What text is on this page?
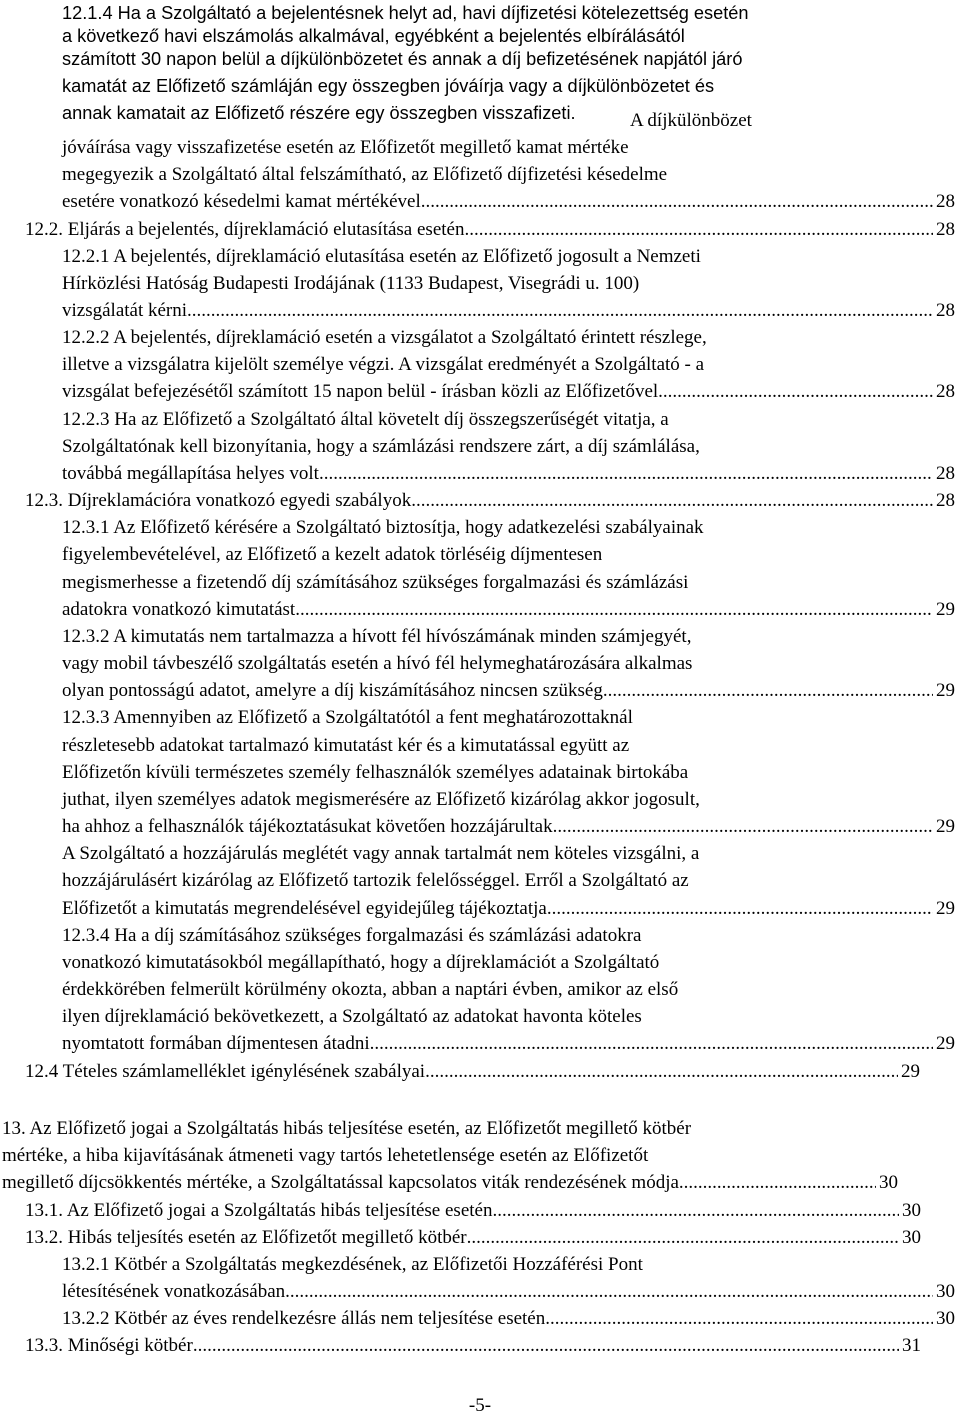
12.1.4 Ha a Szolgáltató a bejelentésnek helyt ad, havi díjfizetési kötelezettség esetén
a következő havi elszámolás alkalmával, egyébként a bejelentés elbírálásától
számított 30 napon belül a díjkülönbözetet és annak a díj befizetésének napjától járó
kamatát az Előfizető számláján egy összegben jóváírja vagy a díjkülönbözetet és
annak kamatait az Előfizető részére egy összegben visszafizeti.	A díjkülönbözet
jóváírása vagy visszafizetése esetén az Előfizetőt megillető kamat mértéke
megegyezik a Szolgáltató által felszámítható, az Előfizető díjfizetési késedelme
esetére vonatkozó késedelmi kamat mértékével. .....	28
12.2. Eljárás a bejelentés, díjreklamáció elutasítása esetén .....	28
12.2.1 A bejelentés, díjreklamáció elutasítása esetén az Előfizető jogosult a Nemzeti
Hírközlési Hatóság Budapesti Irodájának (1133 Budapest, Visegrádi u. 100)
vizsgálatát kérni. .....	28
12.2.2 A bejelentés, díjreklamáció esetén a vizsgálatot a Szolgáltató érintett részlege,
illetve a vizsgálatra kijelölt személye végzi. A vizsgálat eredményét a Szolgáltató - a
vizsgálat befejezésétől számított 15 napon belül - írásban közli az Előfizetővel. .....	28
12.2.3 Ha az Előfizető a Szolgáltató által követelt díj összegszerűségét vitatja, a
Szolgáltatónak kell bizonyítania, hogy a számlázási rendszere zárt, a díj számlálása,
továbbá megállapítása helyes volt. .....	28
12.3. Díjreklamációra vonatkozó egyedi szabályok .....	28
12.3.1 Az Előfizető kérésére a Szolgáltató biztosítja, hogy adatkezelési szabályainak
figyelembevételével, az Előfizető a kezelt adatok törléséig díjmentesen
megismerhesse a fizetendő díj számításához szükséges forgalmazási és számlázási
adatokra vonatkozó kimutatást. .....	29
12.3.2 A kimutatás nem tartalmazza a hívott fél hívószámának minden számjegyét,
vagy mobil távbeszélő szolgáltatás esetén a hívó fél helymeghatározására alkalmas
olyan pontosságú adatot, amelyre a díj kiszámításához nincsen szükség. .....	29
12.3.3 Amennyiben az Előfizető a Szolgáltatótól a fent meghatározottaknál
részletesebb adatokat tartalmazó kimutatást kér és a kimutatással együtt az
Előfizetőn kívüli természetes személy felhasználók személyes adatainak birtokába
juthat, ilyen személyes adatok megismerésére az Előfizető kizárólag akkor jogosult,
ha ahhoz a felhasználók tájékoztatásukat követően hozzájárultak. .....	29
A Szolgáltató a hozzájárulás meglétét vagy annak tartalmát nem köteles vizsgálni, a
hozzájárulásért kizárólag az Előfizető tartozik felelősséggel. Erről a Szolgáltató az
Előfizetőt a kimutatás megrendelésével egyidejűleg tájékoztatja. .....	29
12.3.4 Ha a díj számításához szükséges forgalmazási és számlázási adatokra
vonatkozó kimutatásokból megállapítható, hogy a díjreklamációt a Szolgáltató
érdekkörében felmerült körülmény okozta, abban a naptári évben, amikor az első
ilyen díjreklamáció bekövetkezett, a Szolgáltató az adatokat havonta köteles
nyomtatott formában díjmentesen átadni. .....	29
12.4 Tételes számlamelléklet igénylésének szabályai .....	29
13. Az Előfizető jogai a Szolgáltatás hibás teljesítése esetén, az Előfizetőt megillető kötbér
mértéke, a hiba kijavításának átmeneti vagy tartós lehetetlensége esetén az Előfizetőt
megillető díjcsökkentés mértéke, a Szolgáltatással kapcsolatos viták rendezésének módja .....	30
13.1. Az Előfizető jogai a Szolgáltatás hibás teljesítése esetén .....	30
13.2. Hibás teljesítés esetén az Előfizetőt megillető kötbér .....	30
13.2.1 Kötbér a Szolgáltatás megkezdésének, az Előfizetői Hozzáférési Pont
létesítésének vonatkozásában .....	30
13.2.2 Kötbér az éves rendelkezésre állás nem teljesítése esetén .....	30
13.3. Minőségi kötbér .....	31
-5-
